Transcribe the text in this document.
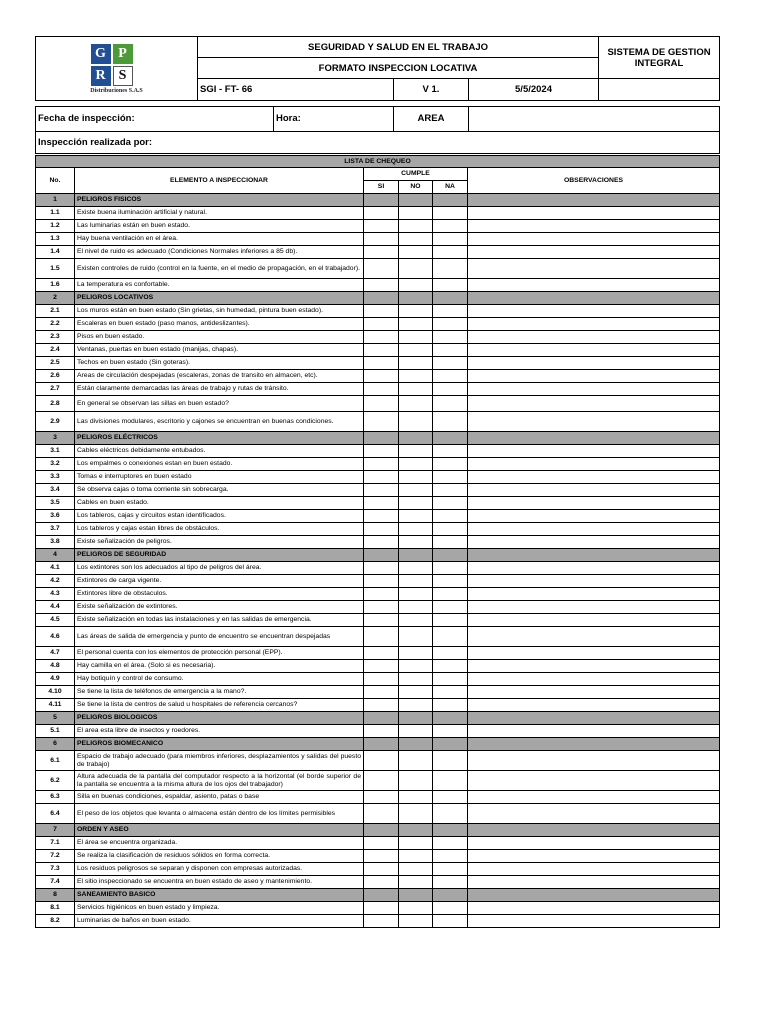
G P
R S
Distribuciones S.A.S	SEGURIDAD Y SALUD EN EL TRABAJO			SISTEMA DE GESTION INTEGRAL
	FORMATO INSPECCION LOCATIVA			
	SGI - FT- 66	V 1.	5/5/2024	
Fecha de inspección:	Hora:	AREA	
Inspección realizada por:
LISTA DE CHEQUEO					
No.	ELEMENTO A INSPECCIONAR	CUMPLE			OBSERVACIONES
		SI	NO	NA	
1	PELIGROS FISICOS				
1.1	Existe buena iluminación artificial y natural.				
1.2	Las luminarias están en buen estado.				
1.3	Hay buena ventilación en el área.				
1.4	El nivel de ruido es adecuado (Condiciones Normales inferiores a 85 db).				
1.5	Existen controles de ruido (control en la fuente, en el medio de propagación, en el trabajador).				
1.6	La temperatura es confortable.				
2	PELIGROS LOCATIVOS				
2.1	Los muros están en buen estado (Sin grietas, sin humedad, pintura buen estado).				
2.2	Escaleras en buen estado (paso manos, antideslizantes).				
2.3	Pisos en buen estado.				
2.4	Ventanas, puertas en buen estado (manijas, chapas).				
2.5	Techos en buen estado (Sin goteras).				
2.6	Areas de circulación despejadas (escaleras, zonas de transito en almacen, etc).				
2.7	Están claramente demarcadas las áreas de trabajo y rutas de tránsito.				
2.8	En general se observan las sillas en buen estado?				
2.9	Las divisiones modulares, escritorio y cajones se encuentran en buenas condiciones.				
3	PELIGROS ELÉCTRICOS				
3.1	Cables eléctricos debidamente entubados.				
3.2	Los empalmes o conexiones estan en buen estado.				
3.3	Tomas e interruptores en buen estado				
3.4	Se observa cajas o toma corriente sin sobrecarga.				
3.5	Cables en buen estado.				
3.6	Los tableros, cajas y circuitos estan identificados.				
3.7	Los tableros y cajas estan libres de obstáculos.				
3.8	Existe señalización de peligros.				
4	PELIGROS DE SEGURIDAD				
4.1	Los extintores son los adecuados al tipo de peligros del área.				
4.2	Extintores de carga vigente.				
4.3	Extintores libre de obstaculos.				
4.4	Existe señalización de extintores.				
4.5	Existe señalización en todas las instalaciones y en las salidas de emergencia.				
4.6	Las áreas de salida de emergencia y punto de encuentro se encuentran despejadas				
4.7	El personal cuenta con los elementos de protección personal (EPP).				
4.8	Hay camilla en el área. (Solo si es necesaria).				
4.9	Hay botiquín y control de consumo.				
4.10	Se tiene la lista de teléfonos de emergencia a la mano?.				
4.11	Se tiene la lista de centros de salud u hospitales de referencia cercanos?				
5	PELIGROS BIOLOGICOS				
5.1	El area esta libre de insectos y roedores.				
6	PELIGROS BIOMECANICO				
6.1	Espacio de trabajo adecuado (para miembros inferiores, desplazamientos y salidas del puesto de trabajo)				
6.2	Altura adecuada de la pantalla del computador respecto a la horizontal (el borde superior de la pantalla se encuentra a la misma altura de los ojos del trabajador)				
6.3	Silla en buenas condiciones, espaldar, asiento, patas o base				
6.4	El peso de los objetos que levanta o almacena están dentro de los límites permisibles				
7	ORDEN Y ASEO				
7.1	El área se encuentra organizada.				
7.2	Se realiza la clasificación de residuos sólidos en forma correcta.				
7.3	Los residuos peligrosos se separan y disponen con empresas autorizadas.				
7.4	El sitio inspeccionado se encuentra en buen estado de aseo y mantenimiento.				
8	SANEAMIENTO BASICO				
8.1	Servicios higiénicos en buen estado y limpieza.				
8.2	Luminarias de baños en buen estado.				
